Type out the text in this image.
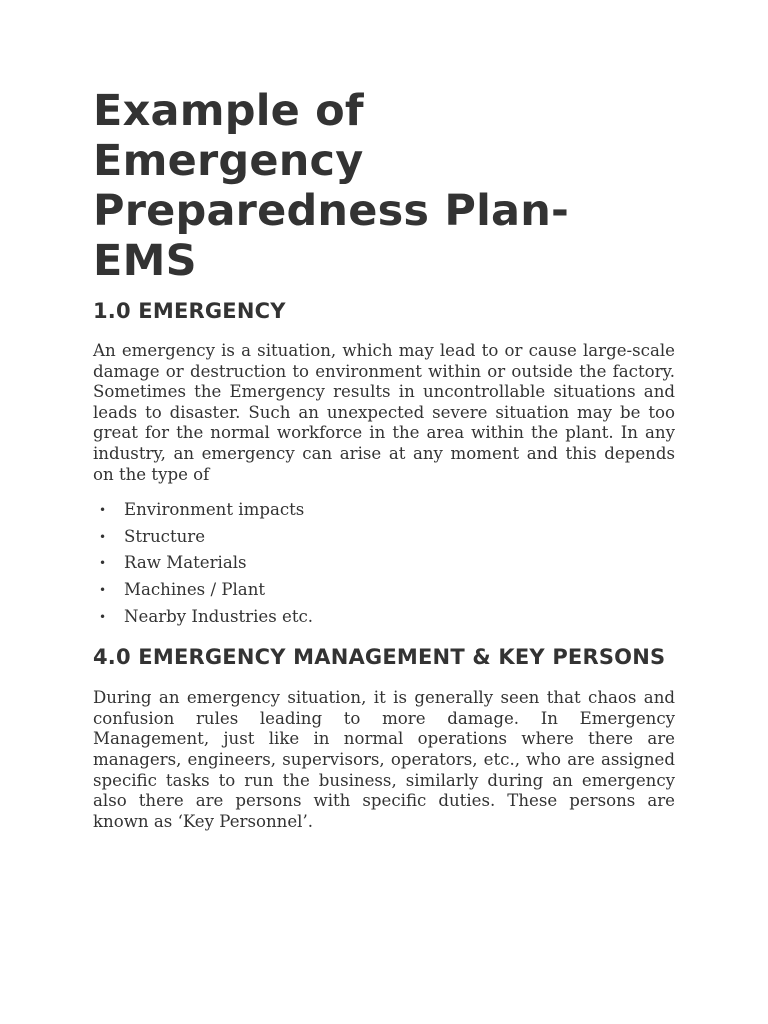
Example of
Emergency
Preparedness Plan-
EMS
1.0 EMERGENCY

An emergency is a situation, which may lead to or cause large-scale damage or destruction to environment within or outside the factory. Sometimes the Emergency results in uncontrollable situations and leads to disaster. Such an unexpected severe situation may be too great for the normal workforce in the area within the plant. In any industry, an emergency can arise at any moment and this depends on the type of

• Environment impacts
• Structure
• Raw Materials
• Machines / Plant
• Nearby Industries etc.
4.0 EMERGENCY MANAGEMENT & KEY PERSONS

During an emergency situation, it is generally seen that chaos and confusion rules leading to more damage. In Emergency Management, just like in normal operations where there are managers, engineers, supervisors, operators, etc., who are assigned specific tasks to run the business, similarly during an emergency also there are persons with specific duties. These persons are known as ‘Key Personnel’.
